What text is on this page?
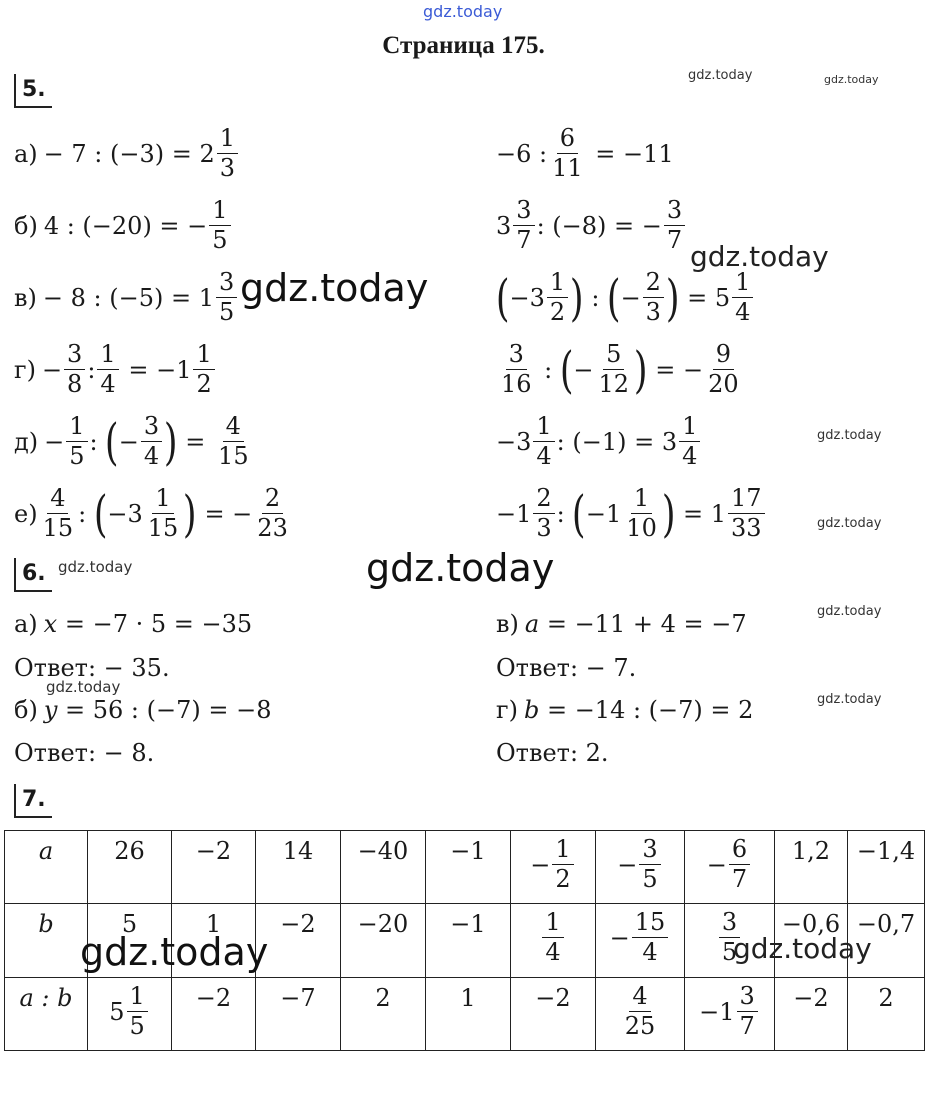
gdz.today
gdz.today	gdz.today
gdz.today
gdz.today
gdz.today
gdz.today
gdz.today
gdz.today
gdz.today
gdz.today
gdz.today
gdz.today	gdz.today
Страница 175.
5.
а) − 7 : $(-3) = 2 \frac{1}{3}$
б) 4 : (−20) = − $\frac{1}{5}$
в) − 8 : $(-5) = 1 \frac{3}{5}$
$г) - \frac{3}{8}$ : $\frac{1}{4} = -1 \frac{1}{2}$
$д) - \frac{1}{5}$ : ( − $\frac{3}{4}$ ) = $\frac{4}{15}$
$е) \frac{4}{15}$ : ( $-3 \frac{1}{15}$ ) = − $\frac{2}{23}$
−6 : $\frac{6}{11}$
= −11
$3 \frac{3}{7}$ : (−8) = − $\frac{3}{7}$
( $-3 \frac{1}{2}$ ) : ( − $\frac{2}{3}$ ) = $5 \frac{1}{4}$
$\frac{3}{16}$ : ( − $\frac{5}{12}$ ) = − $\frac{9}{20}$
$-3 \frac{1}{4}$ : $(-1) = 3 \frac{1}{4}$
$-1 \frac{2}{3}$ : ( $-1 \frac{1}{10}$ ) = $1 \frac{17}{33}$
6.
а) x
= −7 · 5 = −35
Ответ: − 35.
б) y
= 56 : (−7) = −8
Ответ: − 8.
в) a
= −11 + 4 = −7
Ответ: − 7.
г) b
= −14 : (−7) = 2
Ответ: 2.
7.
a	26	−2	14	−40	−1	− $\frac{1}{2}$	− $\frac{3}{5}$	− $\frac{6}{7}$	1,2	−1,4

b	5	1	−2	−20	−1	$\frac{1}{4}$	− $\frac{15}{4}$	$\frac{3}{5}$	−0,6	−0,7

a : b	$5 \frac{1}{5}$	−2	−7	2	1	−2	$\frac{4}{25}$	$-1 \frac{3}{7}$	−2	2
